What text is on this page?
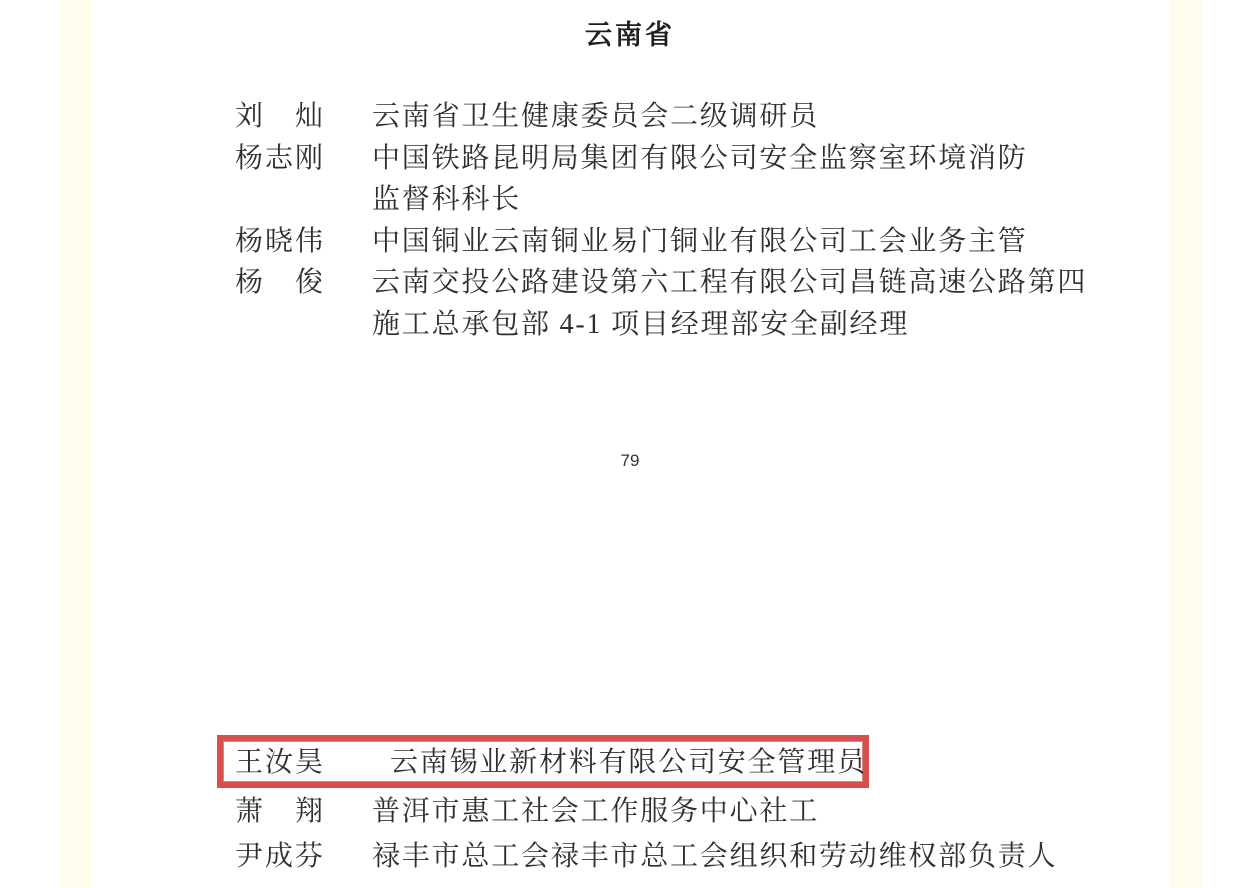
云南省
刘　灿 云南省卫生健康委员会二级调研员
杨志刚 中国铁路昆明局集团有限公司安全监察室环境消防
监督科科长
杨晓伟 中国铜业云南铜业易门铜业有限公司工会业务主管
杨　俊 云南交投公路建设第六工程有限公司昌链高速公路第四
施工总承包部 4-1 项目经理部安全副经理
79
王汝昊 云南锡业新材料有限公司安全管理员
萧　翔 普洱市惠工社会工作服务中心社工
尹成芬 禄丰市总工会禄丰市总工会组织和劳动维权部负责人
